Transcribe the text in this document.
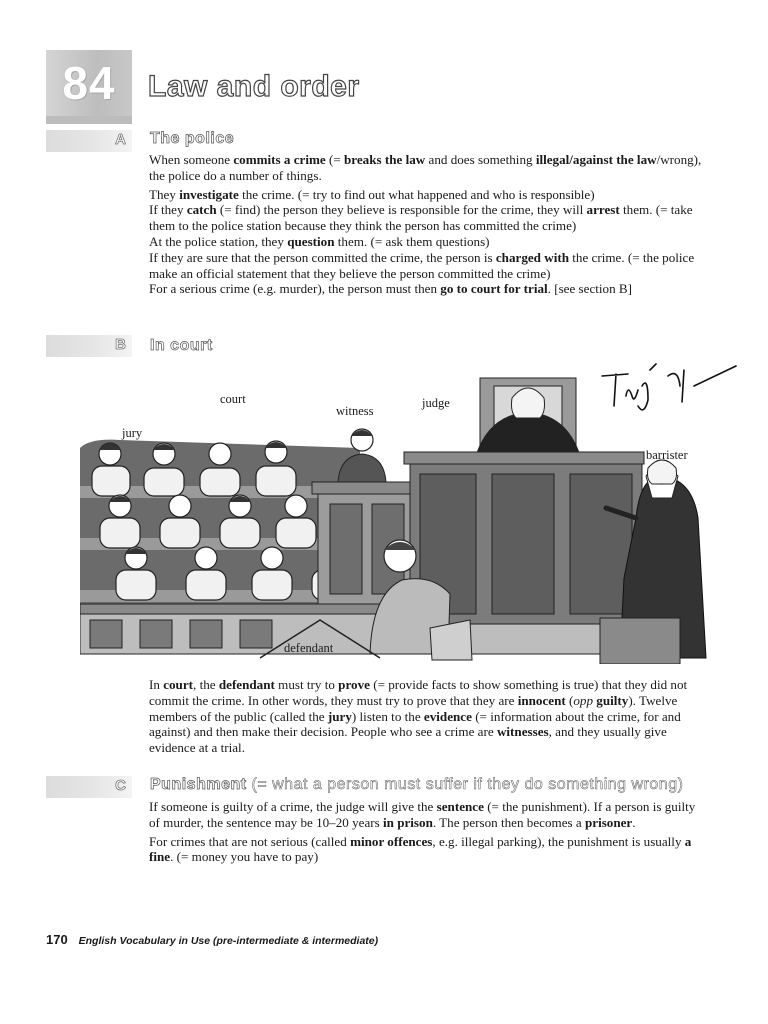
84 Law and order
A The police

When someone commits a crime (= breaks the law and does something illegal/against the law/wrong), the police do a number of things.

They investigate the crime. (= try to find out what happened and who is responsible)
If they catch (= find) the person they believe is responsible for the crime, they will arrest them. (= take them to the police station because they think the person has committed the crime)
At the police station, they question them. (= ask them questions)
If they are sure that the person committed the crime, the person is charged with the crime. (= the police make an official statement that they believe the person committed the crime)
For a serious crime (e.g. murder), the person must then go to court for trial. [see section B]

B In court
court
witness
judge
jury
barrister
defendant

In court, the defendant must try to prove (= provide facts to show something is true) that they did not commit the crime. In other words, they must try to prove that they are innocent (opp guilty). Twelve members of the public (called the jury) listen to the evidence (= information about the crime, for and against) and then make their decision. People who see a crime are witnesses, and they usually give evidence at a trial.

C Punishment (= what a person must suffer if they do something wrong)

If someone is guilty of a crime, the judge will give the sentence (= the punishment). If a person is guilty of murder, the sentence may be 10–20 years in prison. The person then becomes a prisoner.

For crimes that are not serious (called minor offences, e.g. illegal parking), the punishment is usually a fine. (= money you have to pay)

170 English Vocabulary in Use (pre-intermediate & intermediate)
